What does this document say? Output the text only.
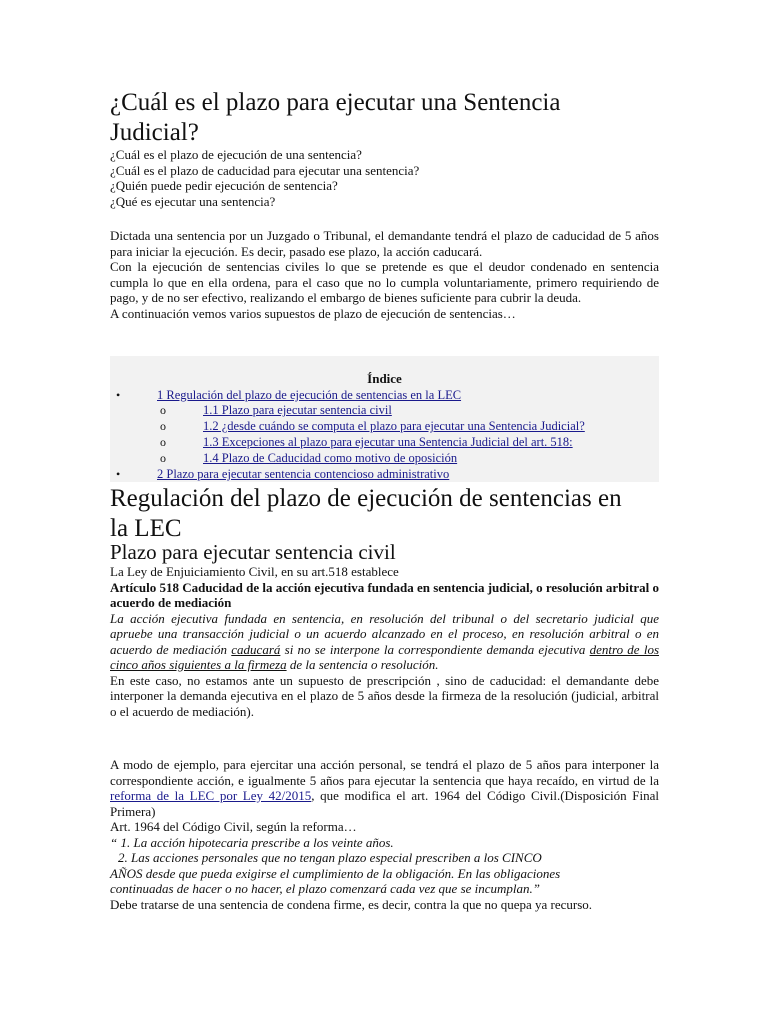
¿Cuál es el plazo para ejecutar una Sentencia

Judicial?

¿Cuál es el plazo de ejecución de una sentencia?

¿Cuál es el plazo de caducidad para ejecutar una sentencia?

¿Quién puede pedir ejecución de sentencia?

¿Qué es ejecutar una sentencia?

Dictada una sentencia por un Juzgado o Tribunal, el demandante tendrá el plazo de caducidad de 5 años para iniciar la ejecución. Es decir, pasado ese plazo, la acción caducará.

Con la ejecución de sentencias civiles lo que se pretende es que el deudor condenado en sentencia cumpla lo que en ella ordena, para el caso que no lo cumpla voluntariamente, primero requiriendo de pago, y de no ser efectivo, realizando el embargo de bienes suficiente para cubrir la deuda.

A continuación vemos varios supuestos de plazo de ejecución de sentencias…

Índice
•	1 Regulación del plazo de ejecución de sentencias en la LEC
o	1.1 Plazo para ejecutar sentencia civil
o	1.2 ¿desde cuándo se computa el plazo para ejecutar una Sentencia Judicial?
o	1.3 Excepciones al plazo para ejecutar una Sentencia Judicial del art. 518:
o	1.4 Plazo de Caducidad como motivo de oposición
•	2 Plazo para ejecutar sentencia contencioso administrativo

Regulación del plazo de ejecución de sentencias en

la LEC

Plazo para ejecutar sentencia civil

La Ley de Enjuiciamiento Civil, en su art.518 establece

Artículo 518 Caducidad de la acción ejecutiva fundada en sentencia judicial, o resolución arbitral o acuerdo de mediación

La acción ejecutiva fundada en sentencia, en resolución del tribunal o del secretario judicial que apruebe una transacción judicial o un acuerdo alcanzado en el proceso, en resolución arbitral o en acuerdo de mediación caducará si no se interpone la correspondiente demanda ejecutiva dentro de los cinco años siguientes a la firmeza de la sentencia o resolución.

En este caso, no estamos ante un supuesto de prescripción , sino de caducidad: el demandante debe interponer la demanda ejecutiva en el plazo de 5 años desde la firmeza de la resolución (judicial, arbitral o el acuerdo de mediación).

A modo de ejemplo, para ejercitar una acción personal, se tendrá el plazo de 5 años para interponer la correspondiente acción, e igualmente 5 años para ejecutar la sentencia que haya recaído, en virtud de la reforma de la LEC por Ley 42/2015, que modifica el art. 1964 del Código Civil.(Disposición Final Primera)

Art. 1964 del Código Civil, según la reforma…

“ 1. La acción hipotecaria prescribe a los veinte años.

2. Las acciones personales que no tengan plazo especial prescriben a los CINCO

AÑOS desde que pueda exigirse el cumplimiento de la obligación. En las obligaciones

continuadas de hacer o no hacer, el plazo comenzará cada vez que se incumplan.”

Debe tratarse de una sentencia de condena firme, es decir, contra la que no quepa ya recurso.
